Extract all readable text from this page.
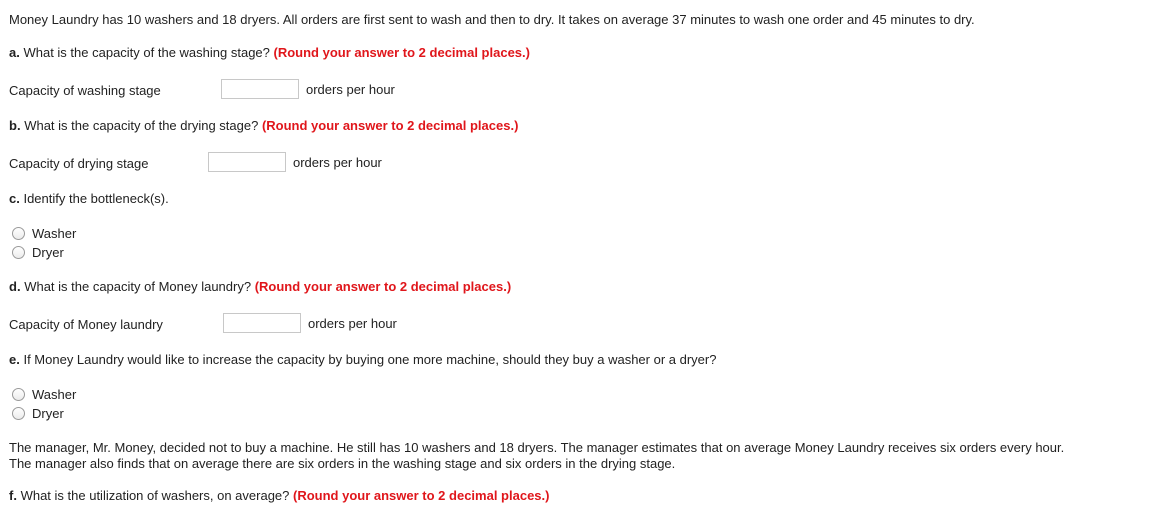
Money Laundry has 10 washers and 18 dryers. All orders are first sent to wash and then to dry. It takes on average 37 minutes to wash one order and 45 minutes to dry.
a. What is the capacity of the washing stage? (Round your answer to 2 decimal places.)
Capacity of washing stage	orders per hour
b. What is the capacity of the drying stage? (Round your answer to 2 decimal places.)
Capacity of drying stage	orders per hour
c. Identify the bottleneck(s).
Washer
Dryer
d. What is the capacity of Money laundry? (Round your answer to 2 decimal places.)
Capacity of Money laundry	orders per hour
e. If Money Laundry would like to increase the capacity by buying one more machine, should they buy a washer or a dryer?
Washer
Dryer
The manager, Mr. Money, decided not to buy a machine. He still has 10 washers and 18 dryers. The manager estimates that on average Money Laundry receives six orders every hour.
The manager also finds that on average there are six orders in the washing stage and six orders in the drying stage.
f. What is the utilization of washers, on average? (Round your answer to 2 decimal places.)
